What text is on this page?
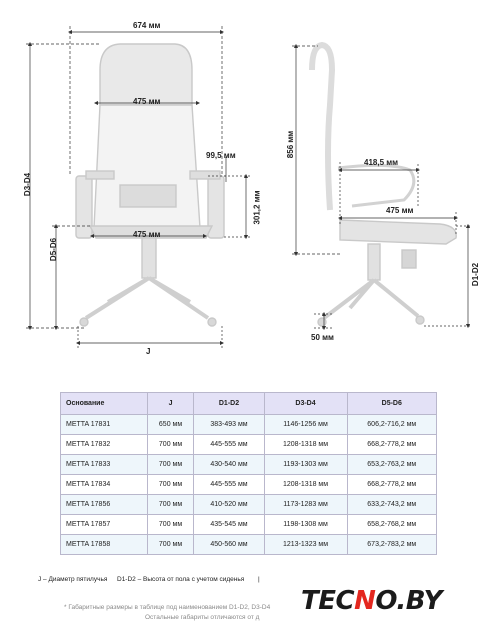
674 мм
475 мм
99,5 мм
301,2 мм
475 мм
D3-D4
D5-D6
J
856 мм
418,5 мм
475 мм
D1-D2
50 мм
Основание	J	D1-D2	D3-D4	D5-D6
METTA 17831	650 мм	383-493 мм	1146-1256 мм	606,2-716,2 мм
METTA 17832	700 мм	445-555 мм	1208-1318 мм	668,2-778,2 мм
METTA 17833	700 мм	430-540 мм	1193-1303 мм	653,2-763,2 мм
METTA 17834	700 мм	445-555 мм	1208-1318 мм	668,2-778,2 мм
METTA 17856	700 мм	410-520 мм	1173-1283 мм	633,2-743,2 мм
METTA 17857	700 мм	435-545 мм	1198-1308 мм	658,2-768,2 мм
METTA 17858	700 мм	450-560 мм	1213-1323 мм	673,2-783,2 мм
J – Диаметр пятилучья D1-D2 – Высота от пола с учетом сиденья |
* Габаритные размеры в таблице под наименованием D1-D2, D3-D4
Остальные габариты отличаются от д
TECNO.BY
